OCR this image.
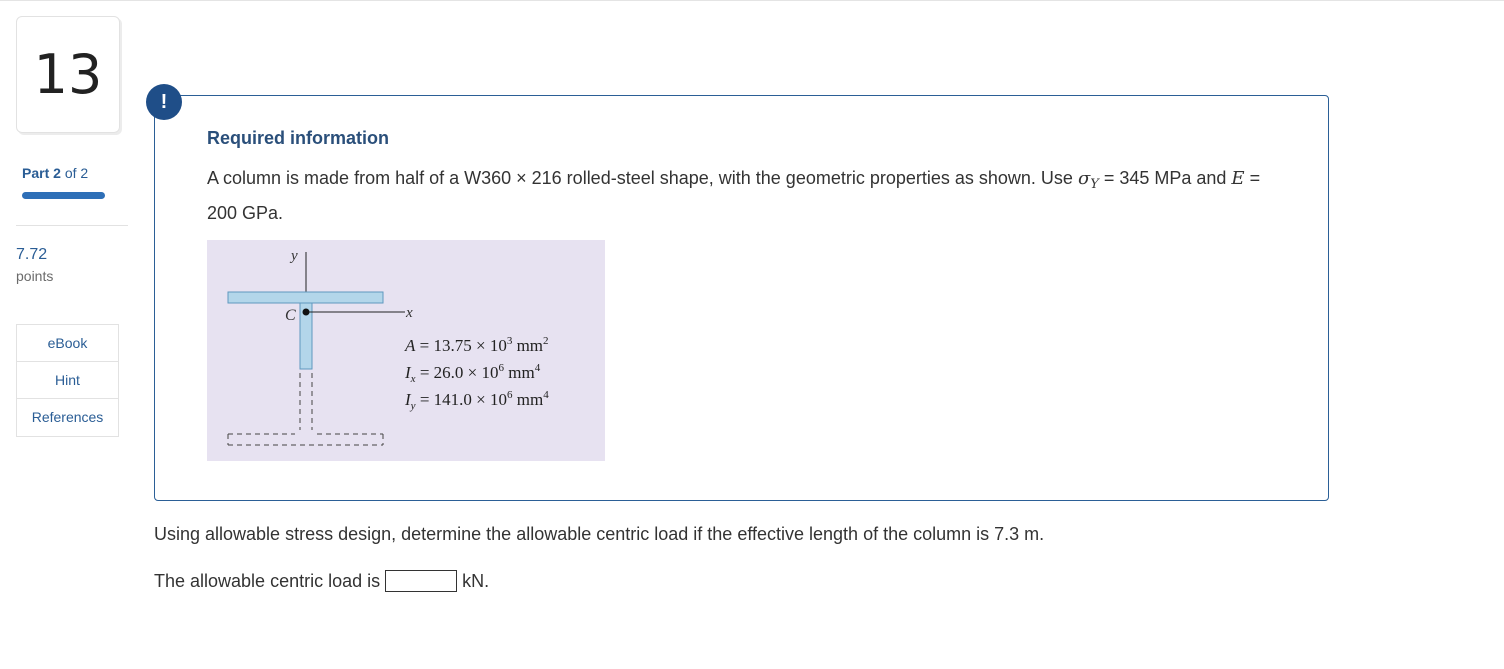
13
Part 2 of 2
7.72
points
eBook
Hint
References
!
Required information
A column is made from half of a W360 × 216 rolled-steel shape, with the geometric properties as shown. Use $\sigma_Y = 345$ MPa and E = 200 GPa.
y
x
C
$A = 13.75 \times 10^3$ $mm^2$
$I_x = 26.0 \times 10^6$ $mm^4$
$I_y = 141.0 \times 10^6$ $mm^4$
Using allowable stress design, determine the allowable centric load if the effective length of the column is 7.3 m.
The allowable centric load is	kN.
